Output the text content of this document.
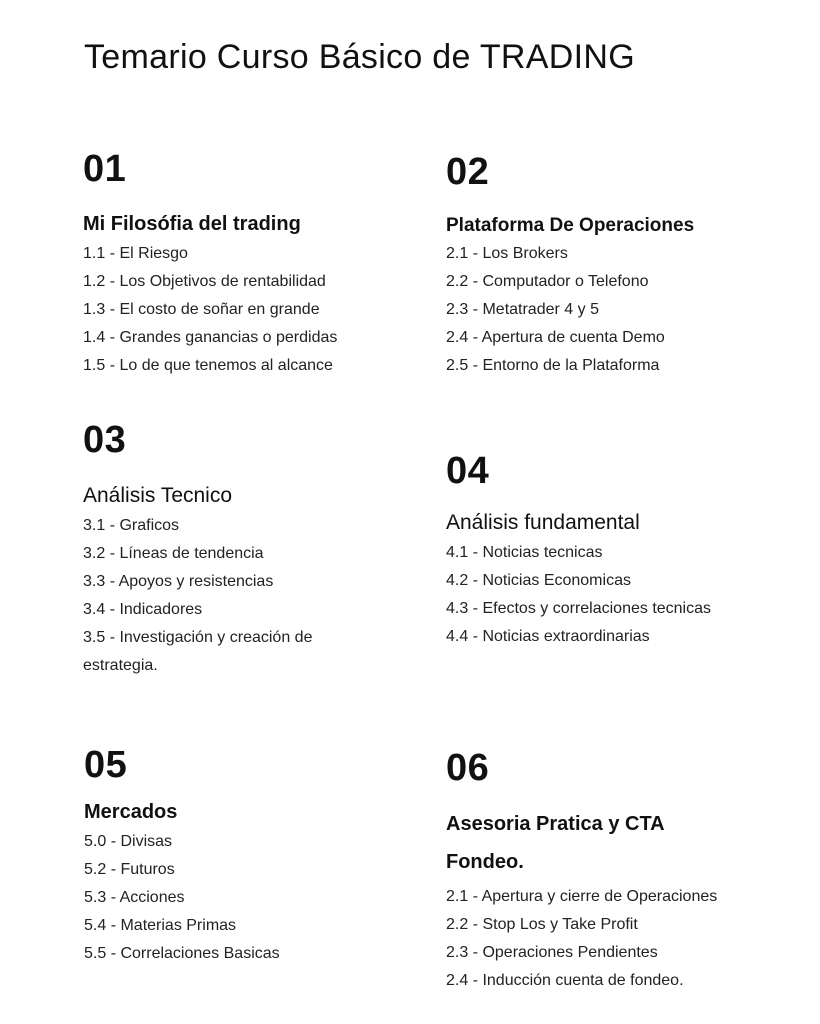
Temario Curso Básico de TRADING
01
Mi Filosófia del trading
1.1 - El Riesgo
1.2 - Los Objetivos de rentabilidad
1.3 - El costo de soñar en grande
1.4 - Grandes ganancias o perdidas
1.5 - Lo de que tenemos al alcance
02
Plataforma De Operaciones
2.1 - Los Brokers
2.2 - Computador o Telefono
2.3 - Metatrader 4 y 5
2.4 - Apertura de cuenta Demo
2.5 - Entorno de la Plataforma
03
Análisis Tecnico
3.1 - Graficos
3.2 - Líneas de tendencia
3.3 - Apoyos y resistencias
3.4 - Indicadores
3.5 - Investigación y creación de estrategia.
04
Análisis fundamental
4.1 - Noticias tecnicas
4.2 - Noticias Economicas
4.3 - Efectos y correlaciones tecnicas
4.4 - Noticias extraordinarias
05
Mercados
5.0 - Divisas
5.2 - Futuros
5.3 - Acciones
5.4 - Materias Primas
5.5 - Correlaciones Basicas
06
Asesoria Pratica y CTA Fondeo.
2.1 - Apertura y cierre de Operaciones
2.2 - Stop Los y Take Profit
2.3 - Operaciones Pendientes
2.4 - Inducción cuenta de fondeo.
